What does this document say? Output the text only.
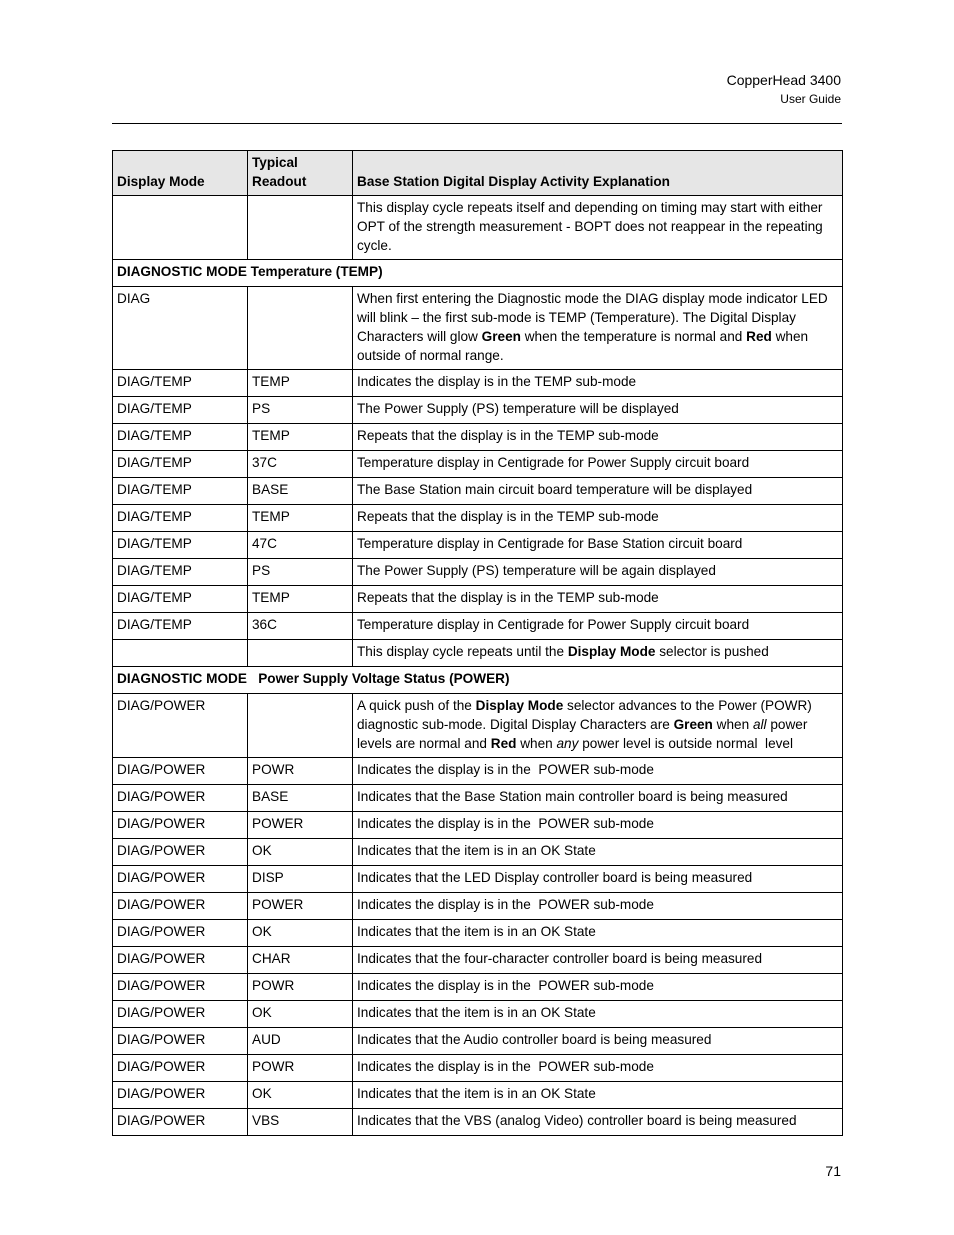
CopperHead 3400
User Guide
Display Mode	Typical Readout	Base Station Digital Display Activity Explanation
		This display cycle repeats itself and depending on timing may start with either OPT of the strength measurement - BOPT does not reappear in the repeating cycle.
DIAGNOSTIC MODE Temperature (TEMP)		
DIAG		When first entering the Diagnostic mode the DIAG display mode indicator LED will blink – the first sub-mode is TEMP (Temperature). The Digital Display Characters will glow Green when the temperature is normal and Red when outside of normal range.
DIAG/TEMP	TEMP	Indicates the display is in the TEMP sub-mode
DIAG/TEMP	PS	The Power Supply (PS) temperature will be displayed
DIAG/TEMP	TEMP	Repeats that the display is in the TEMP sub-mode
DIAG/TEMP	37C	Temperature display in Centigrade for Power Supply circuit board
DIAG/TEMP	BASE	The Base Station main circuit board temperature will be displayed
DIAG/TEMP	TEMP	Repeats that the display is in the TEMP sub-mode
DIAG/TEMP	47C	Temperature display in Centigrade for Base Station circuit board
DIAG/TEMP	PS	The Power Supply (PS) temperature will be again displayed
DIAG/TEMP	TEMP	Repeats that the display is in the TEMP sub-mode
DIAG/TEMP	36C	Temperature display in Centigrade for Power Supply circuit board
		This display cycle repeats until the Display Mode selector is pushed
DIAGNOSTIC MODE   Power Supply Voltage Status (POWER)		
DIAG/POWER		A quick push of the Display Mode selector advances to the Power (POWR) diagnostic sub-mode. Digital Display Characters are Green when all power levels are normal and Red when any power level is outside normal  level
DIAG/POWER	POWR	Indicates the display is in the  POWER sub-mode
DIAG/POWER	BASE	Indicates that the Base Station main controller board is being measured
DIAG/POWER	POWER	Indicates the display is in the  POWER sub-mode
DIAG/POWER	OK	Indicates that the item is in an OK State
DIAG/POWER	DISP	Indicates that the LED Display controller board is being measured
DIAG/POWER	POWER	Indicates the display is in the  POWER sub-mode
DIAG/POWER	OK	Indicates that the item is in an OK State
DIAG/POWER	CHAR	Indicates that the four-character controller board is being measured
DIAG/POWER	POWR	Indicates the display is in the  POWER sub-mode
DIAG/POWER	OK	Indicates that the item is in an OK State
DIAG/POWER	AUD	Indicates that the Audio controller board is being measured
DIAG/POWER	POWR	Indicates the display is in the  POWER sub-mode
DIAG/POWER	OK	Indicates that the item is in an OK State
DIAG/POWER	VBS	Indicates that the VBS (analog Video) controller board is being measured
71
